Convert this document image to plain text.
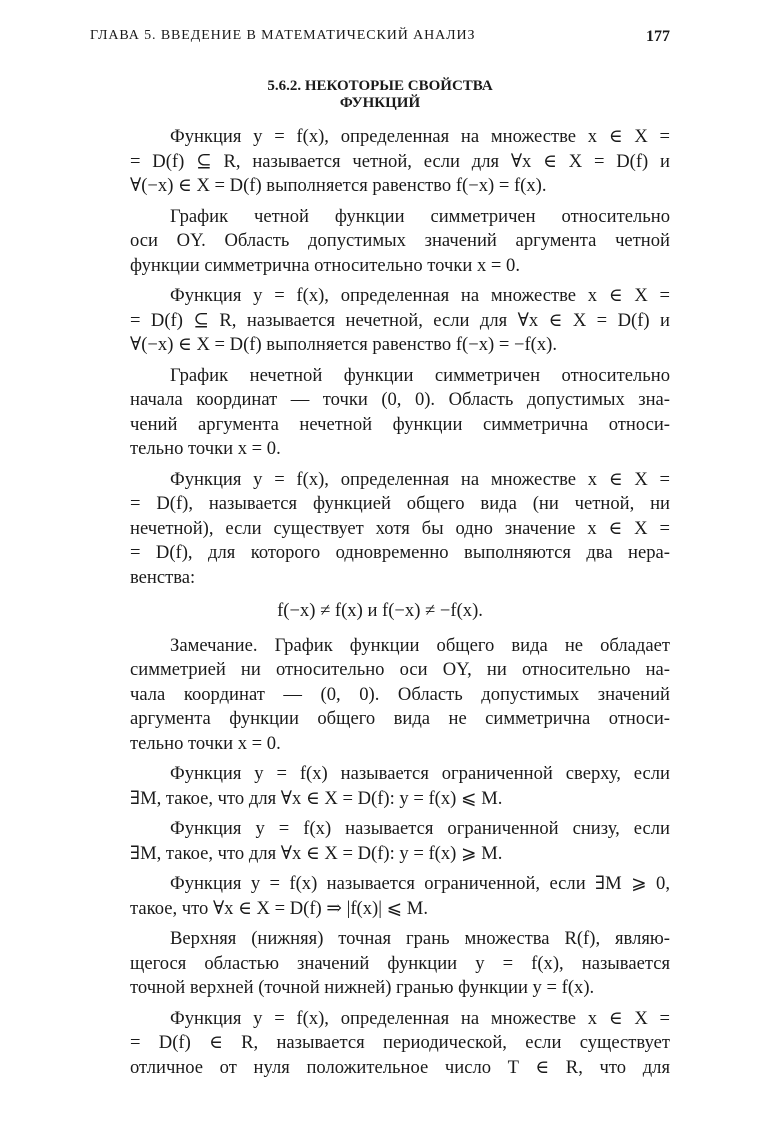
ГЛАВА 5. ВВЕДЕНИЕ В МАТЕМАТИЧЕСКИЙ АНАЛИЗ	177
5.6.2. НЕКОТОРЫЕ СВОЙСТВА
ФУНКЦИЙ

Функция y = f(x), определенная на множестве x ∈ X =
= D(f) ⊆ R, называется четной, если для ∀x ∈ X = D(f) и
∀(−x) ∈ X = D(f) выполняется равенство f(−x) = f(x).

График четной функции симметричен относительно
оси OY. Область допустимых значений аргумента четной
функции симметрична относительно точки x = 0.

Функция y = f(x), определенная на множестве x ∈ X =
= D(f) ⊆ R, называется нечетной, если для ∀x ∈ X = D(f) и
∀(−x) ∈ X = D(f) выполняется равенство f(−x) = −f(x).

График нечетной функции симметричен относительно
начала координат — точки (0, 0). Область допустимых зна-
чений аргумента нечетной функции симметрична относи-
тельно точки x = 0.

Функция y = f(x), определенная на множестве x ∈ X =
= D(f), называется функцией общего вида (ни четной, ни
нечетной), если существует хотя бы одно значение x ∈ X =
= D(f), для которого одновременно выполняются два нера-
венства:

f(−x) ≠ f(x) и f(−x) ≠ −f(x).

Замечание. График функции общего вида не обладает
симметрией ни относительно оси OY, ни относительно на-
чала координат — (0, 0). Область допустимых значений
аргумента функции общего вида не симметрична относи-
тельно точки x = 0.

Функция y = f(x) называется ограниченной сверху, если
∃M, такое, что для ∀x ∈ X = D(f): y = f(x) ⩽ M.

Функция y = f(x) называется ограниченной снизу, если
∃M, такое, что для ∀x ∈ X = D(f): y = f(x) ⩾ M.

Функция y = f(x) называется ограниченной, если ∃M ⩾ 0,
такое, что ∀x ∈ X = D(f) ⇒ |f(x)| ⩽ M.

Верхняя (нижняя) точная грань множества R(f), являю-
щегося областью значений функции y = f(x), называется
точной верхней (точной нижней) гранью функции y = f(x).

Функция y = f(x), определенная на множестве x ∈ X =
= D(f) ∈ R, называется периодической, если существует
отличное от нуля положительное число T ∈ R, что для
